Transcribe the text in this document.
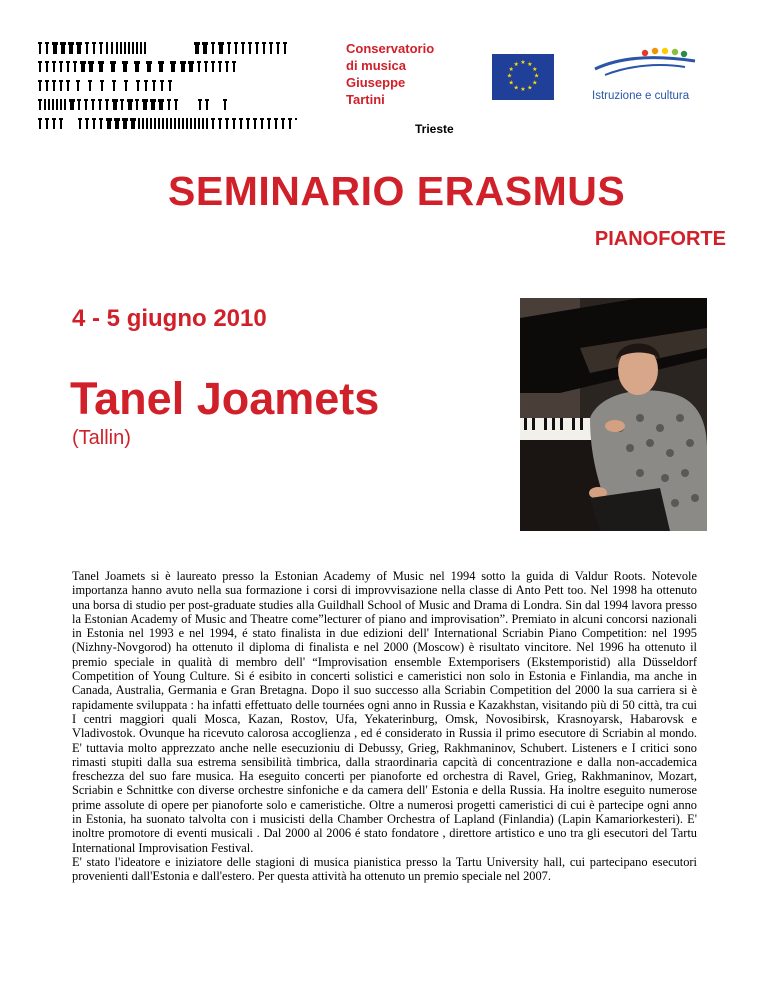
Conservatorio
di musica
Giuseppe
Tartini
Trieste
★ ★
★
★
★
★
★
★
★
★
★
★
Istruzione e cultura
SEMINARIO ERASMUS
PIANOFORTE
4 - 5 giugno 2010
Tanel Joamets
(Tallin)

Tanel Joamets si è laureato presso la Estonian Academy of Music nel 1994 sotto la guida di Valdur Roots. Notevole importanza hanno avuto nella sua formazione i corsi di improvvisazione nella classe di Anto Pett too. Nel 1998 ha ottenuto una borsa di studio per post-graduate studies alla Guildhall School of Music and Drama di Londra. Sin dal 1994 lavora presso la Estonian Academy of Music and Theatre come”lecturer of piano and improvisation”. Premiato in alcuni concorsi nazionali in Estonia nel 1993 e nel 1994, é stato finalista in due edizioni dell' International Scriabin Piano Competition: nel 1995 (Nizhny-Novgorod) ha ottenuto il diploma di finalista e nel 2000 (Moscow) è risultato vincitore. Nel 1996 ha ottenuto il premio speciale in qualità di membro dell' “Improvisation ensemble Extemporisers (Ekstemporistid) alla Düsseldorf Competition of Young Culture. Si é esibito in concerti solistici e cameristici non solo in Estonia e Finlandia, ma anche in Canada, Australia, Germania e Gran Bretagna. Dopo il suo successo alla Scriabin Competition del 2000 la sua carriera si è rapidamente sviluppata : ha infatti effettuato delle tournées ogni anno in Russia e Kazakhstan, visitando più di 50 città, tra cui I centri maggiori quali Mosca, Kazan, Rostov, Ufa, Yekaterinburg, Omsk, Novosibirsk, Krasnoyarsk, Habarovsk e Vladivostok. Ovunque ha ricevuto calorosa accoglienza , ed é considerato in Russia il primo esecutore di Scriabin al mondo. E' tuttavia molto apprezzato anche nelle esecuzioniu di Debussy, Grieg, Rakhmaninov, Schubert. Listeners e I critici sono rimasti stupiti dalla sua estrema sensibilità timbrica, dalla straordinaria capcità di concentrazione e dalla non-accademica freschezza del suo fare musica. Ha eseguito concerti per pianoforte ed orchestra di Ravel, Grieg, Rakhmaninov, Mozart, Scriabin e Schnittke con diverse orchestre sinfoniche e da camera dell' Estonia e della Russia. Ha inoltre eseguito numerose prime assolute di opere per pianoforte solo e cameristiche. Oltre a numerosi progetti cameristici di cui è partecipe ogni anno in Estonia, ha suonato talvolta con i musicisti della Chamber Orchestra of Lapland (Finlandia) (Lapin Kamariorkesteri). E' inoltre promotore di eventi musicali . Dal 2000 al 2006 é stato fondatore , direttore artistico e uno tra gli esecutori del Tartu International Improvisation Festival.

E' stato l'ideatore e iniziatore delle stagioni di musica pianistica presso la Tartu University hall, cui partecipano esecutori provenienti dall'Estonia e dall'estero. Per questa attività ha ottenuto un premio speciale nel 2007.
